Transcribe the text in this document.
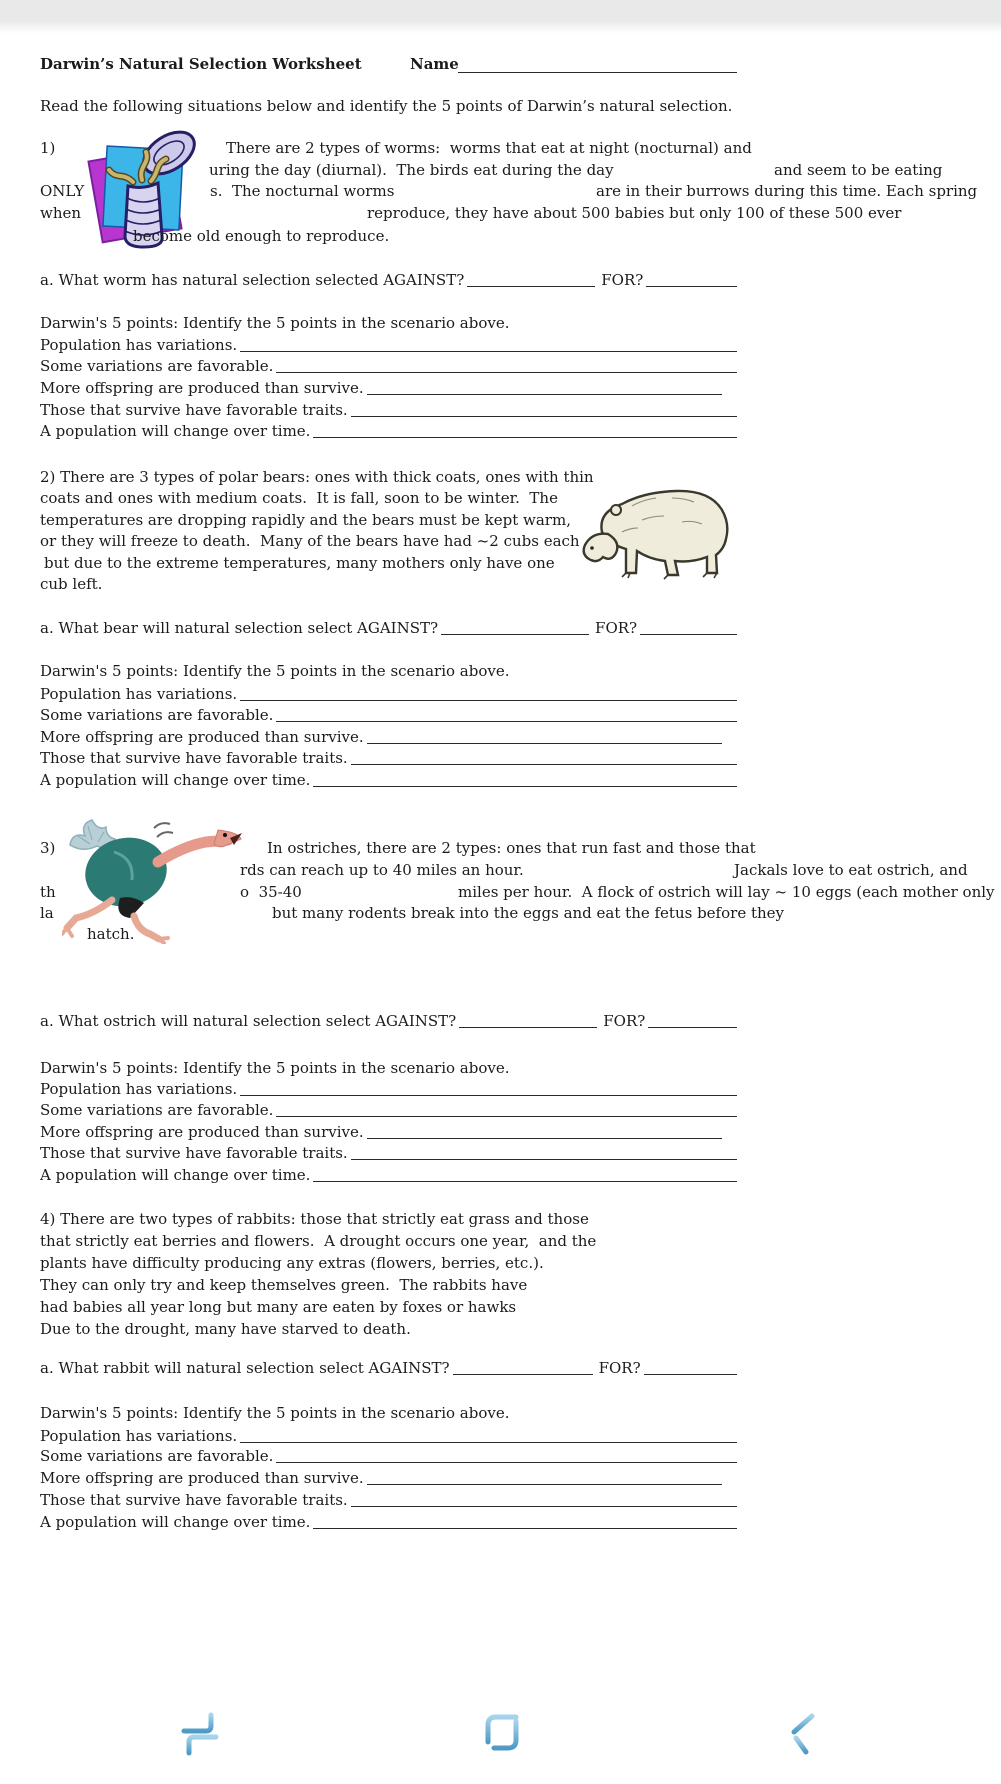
Darwin’s Natural Selection Worksheet	Name
Read the following situations below and identify the 5 points of Darwin’s natural selection.
1)	There are 2 types of worms:  worms that eat at night (nocturnal) and
uring the day (diurnal).  The birds eat during the day	and seem to be eating
ONLY	s.  The nocturnal worms	are in their burrows during this time. Each spring
when	reproduce, they have about 500 babies but only 100 of these 500 ever
become old enough to reproduce.
a. What worm has natural selection selected AGAINST?	FOR?
Darwin's 5 points: Identify the 5 points in the scenario above.
Population has variations.
Some variations are favorable.
More offspring are produced than survive.
Those that survive have favorable traits.
A population will change over time.
2) There are 3 types of polar bears: ones with thick coats, ones with thin
coats and ones with medium coats.  It is fall, soon to be winter.  The
temperatures are dropping rapidly and the bears must be kept warm,
or they will freeze to death.  Many of the bears have had ~2 cubs each
but due to the extreme temperatures, many mothers only have one
cub left.
a. What bear will natural selection select AGAINST?	FOR?
Darwin's 5 points: Identify the 5 points in the scenario above.
Population has variations.
Some variations are favorable.
More offspring are produced than survive.
Those that survive have favorable traits.
A population will change over time.
3)	In ostriches, there are 2 types: ones that run fast and those that
rds can reach up to 40 miles an hour.	Jackals love to eat ostrich, and
th	o  35-40	miles per hour.  A flock of ostrich will lay ~ 10 eggs (each mother only
la	but many rodents break into the eggs and eat the fetus before they
hatch.
a. What ostrich will natural selection select AGAINST?	FOR?
Darwin's 5 points: Identify the 5 points in the scenario above.
Population has variations.
Some variations are favorable.
More offspring are produced than survive.
Those that survive have favorable traits.
A population will change over time.
4) There are two types of rabbits: those that strictly eat grass and those
that strictly eat berries and flowers.  A drought occurs one year,  and the
plants have difficulty producing any extras (flowers, berries, etc.).
They can only try and keep themselves green.  The rabbits have
had babies all year long but many are eaten by foxes or hawks
Due to the drought, many have starved to death.
a. What rabbit will natural selection select AGAINST?	FOR?
Darwin's 5 points: Identify the 5 points in the scenario above.
Population has variations.
Some variations are favorable.
More offspring are produced than survive.
Those that survive have favorable traits.
A population will change over time.
